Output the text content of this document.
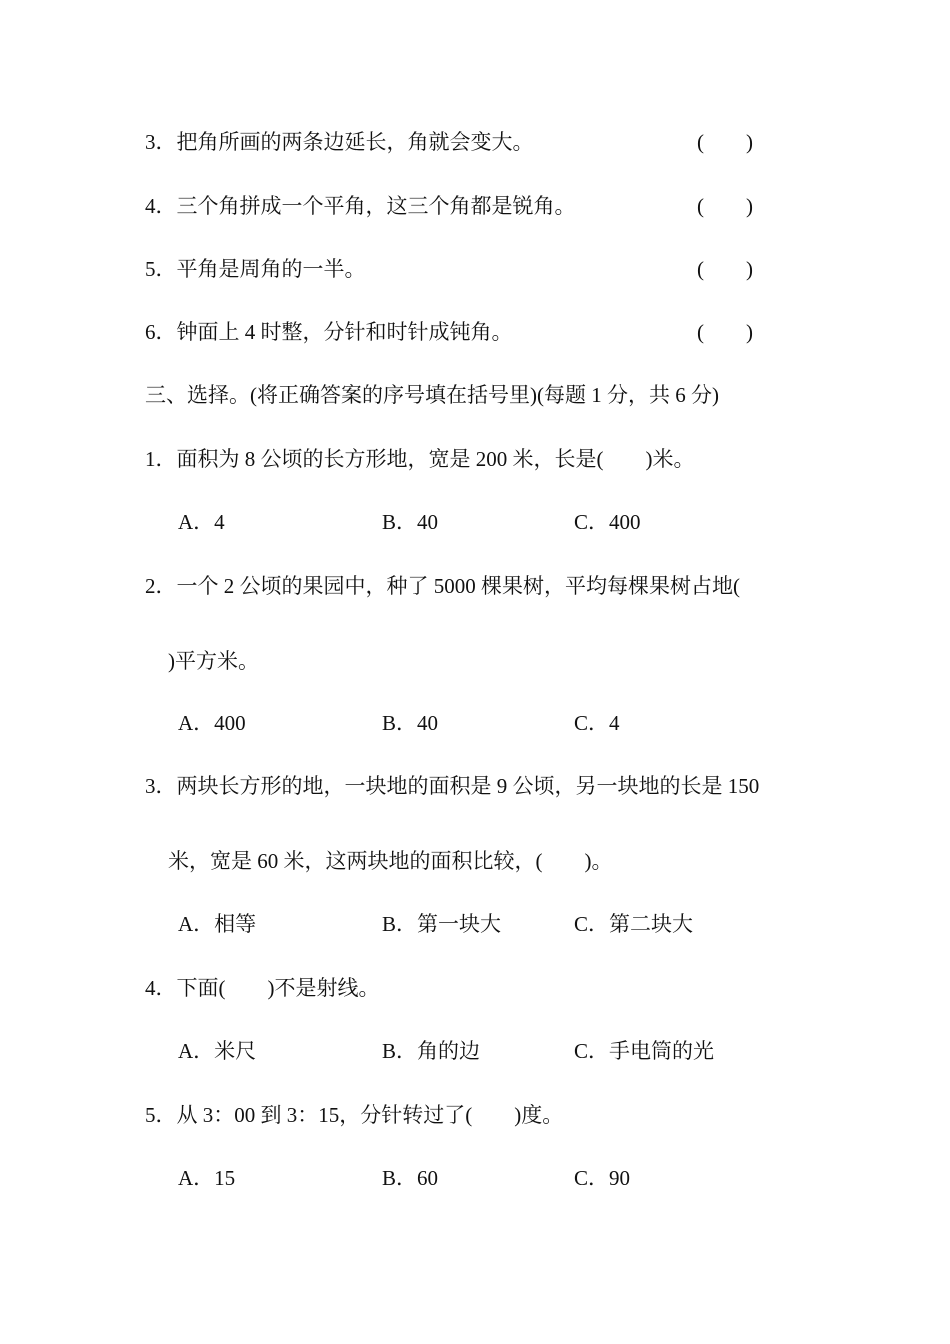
3．把角所画的两条边延长，角就会变大。	(        )
4．三个角拼成一个平角，这三个角都是锐角。	(        )
5．平角是周角的一半。	(        )
6．钟面上 4 时整，分针和时针成钝角。	(        )
三、选择。(将正确答案的序号填在括号里)(每题 1 分，共 6 分)
1．面积为 8 公顷的长方形地，宽是 200 米，长是(        )米。
A．4	B．40	C．400
2．一个 2 公顷的果园中，种了 5000 棵果树，平均每棵果树占地(
)平方米。
A．400	B．40	C．4
3．两块长方形的地，一块地的面积是 9 公顷，另一块地的长是 150
米，宽是 60 米，这两块地的面积比较，(        )。
A．相等	B．第一块大	C．第二块大
4．下面(        )不是射线。
A．米尺	B．角的边	C．手电筒的光
5．从 3：00 到 3：15，分针转过了(        )度。
A．15	B．60	C．90
